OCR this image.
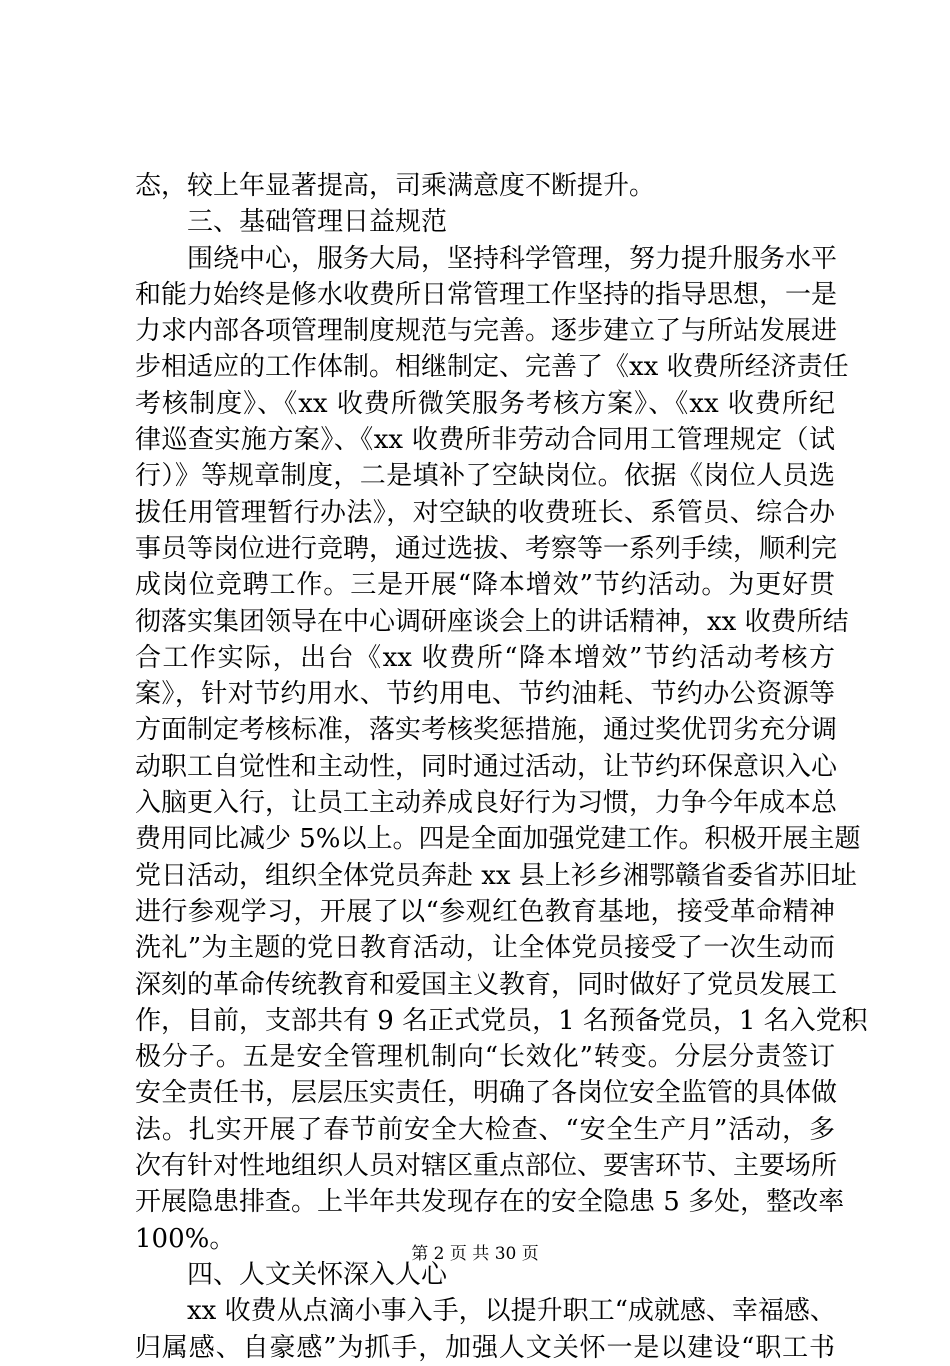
态，较上年显著提高，司乘满意度不断提升。
三、基础管理日益规范
围绕中心，服务大局，坚持科学管理，努力提升服务水平
和能力始终是修水收费所日常管理工作坚持的指导思想，一是
力求内部各项管理制度规范与完善。逐步建立了与所站发展进
步相适应的工作体制。相继制定、完善了《xx 收费所经济责任
考核制度》、《xx 收费所微笑服务考核方案》、《xx 收费所纪
律巡查实施方案》、《xx 收费所非劳动合同用工管理规定（试
行）》等规章制度，二是填补了空缺岗位。依据《岗位人员选
拔任用管理暂行办法》，对空缺的收费班长、系管员、综合办
事员等岗位进行竞聘，通过选拔、考察等一系列手续，顺利完
成岗位竞聘工作。三是开展“降本增效”节约活动。为更好贯
彻落实集团领导在中心调研座谈会上的讲话精神，xx 收费所结
合工作实际，出台《xx 收费所“降本增效”节约活动考核方
案》，针对节约用水、节约用电、节约油耗、节约办公资源等
方面制定考核标准，落实考核奖惩措施，通过奖优罚劣充分调
动职工自觉性和主动性，同时通过活动，让节约环保意识入心
入脑更入行，让员工主动养成良好行为习惯，力争今年成本总
费用同比减少 5%以上。四是全面加强党建工作。积极开展主题
党日活动，组织全体党员奔赴 xx 县上衫乡湘鄂赣省委省苏旧址
进行参观学习，开展了以“参观红色教育基地，接受革命精神
洗礼”为主题的党日教育活动，让全体党员接受了一次生动而
深刻的革命传统教育和爱国主义教育，同时做好了党员发展工
作，目前，支部共有 9 名正式党员，1 名预备党员，1 名入党积
极分子。五是安全管理机制向“长效化”转变。分层分责签订
安全责任书，层层压实责任，明确了各岗位安全监管的具体做
法。扎实开展了春节前安全大检查、“安全生产月”活动，多
次有针对性地组织人员对辖区重点部位、要害环节、主要场所
开展隐患排查。上半年共发现存在的安全隐患 5 多处，整改率
100%。
四、人文关怀深入人心
xx 收费从点滴小事入手，以提升职工“成就感、幸福感、
归属感、自豪感”为抓手，加强人文关怀一是以建设“职工书
第 2 页 共 30 页
